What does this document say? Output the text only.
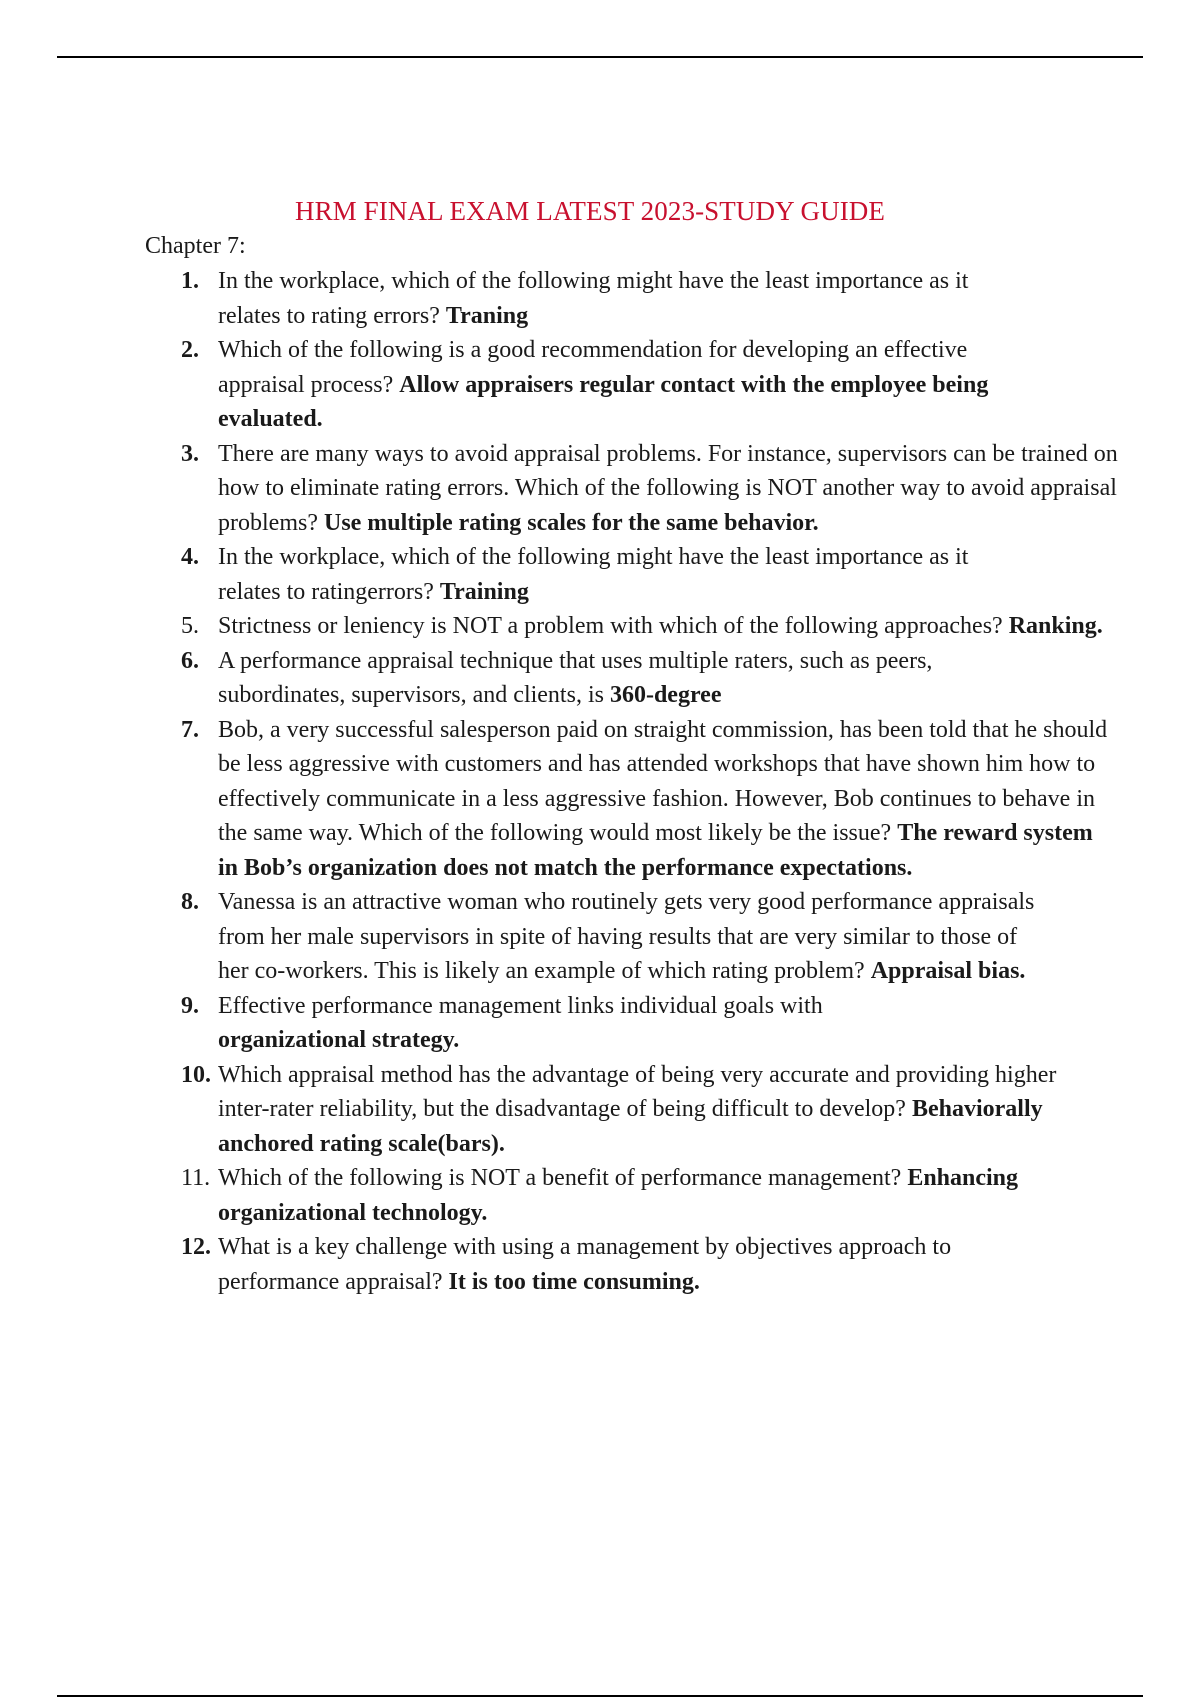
HRM FINAL EXAM LATEST 2023-STUDY GUIDE

Chapter 7:

1. In the workplace, which of the following might have the least importance as it relates to rating errors? Traning
2. Which of the following is a good recommendation for developing an effective appraisal process? Allow appraisers regular contact with the employee being evaluated.
3. There are many ways to avoid appraisal problems. For instance, supervisors can be trained on how to eliminate rating errors. Which of the following is NOT another way to avoid appraisal problems? Use multiple rating scales for the same behavior.
4. In the workplace, which of the following might have the least importance as it relates to ratingerrors? Training
5. Strictness or leniency is NOT a problem with which of the following approaches? Ranking.
6. A performance appraisal technique that uses multiple raters, such as peers, subordinates, supervisors, and clients, is 360-degree
7. Bob, a very successful salesperson paid on straight commission, has been told that he should be less aggressive with customers and has attended workshops that have shown him how to effectively communicate in a less aggressive fashion. However, Bob continues to behave in the same way. Which of the following would most likely be the issue? The reward system in Bob’s organization does not match the performance expectations.
8. Vanessa is an attractive woman who routinely gets very good performance appraisals from her male supervisors in spite of having results that are very similar to those of her co-workers. This is likely an example of which rating problem? Appraisal bias.
9. Effective performance management links individual goals with organizational strategy.
10. Which appraisal method has the advantage of being very accurate and providing higher inter-rater reliability, but the disadvantage of being difficult to develop? Behaviorally anchored rating scale(bars).
11. Which of the following is NOT a benefit of performance management? Enhancing organizational technology.
12. What is a key challenge with using a management by objectives approach to performance appraisal? It is too time consuming.
